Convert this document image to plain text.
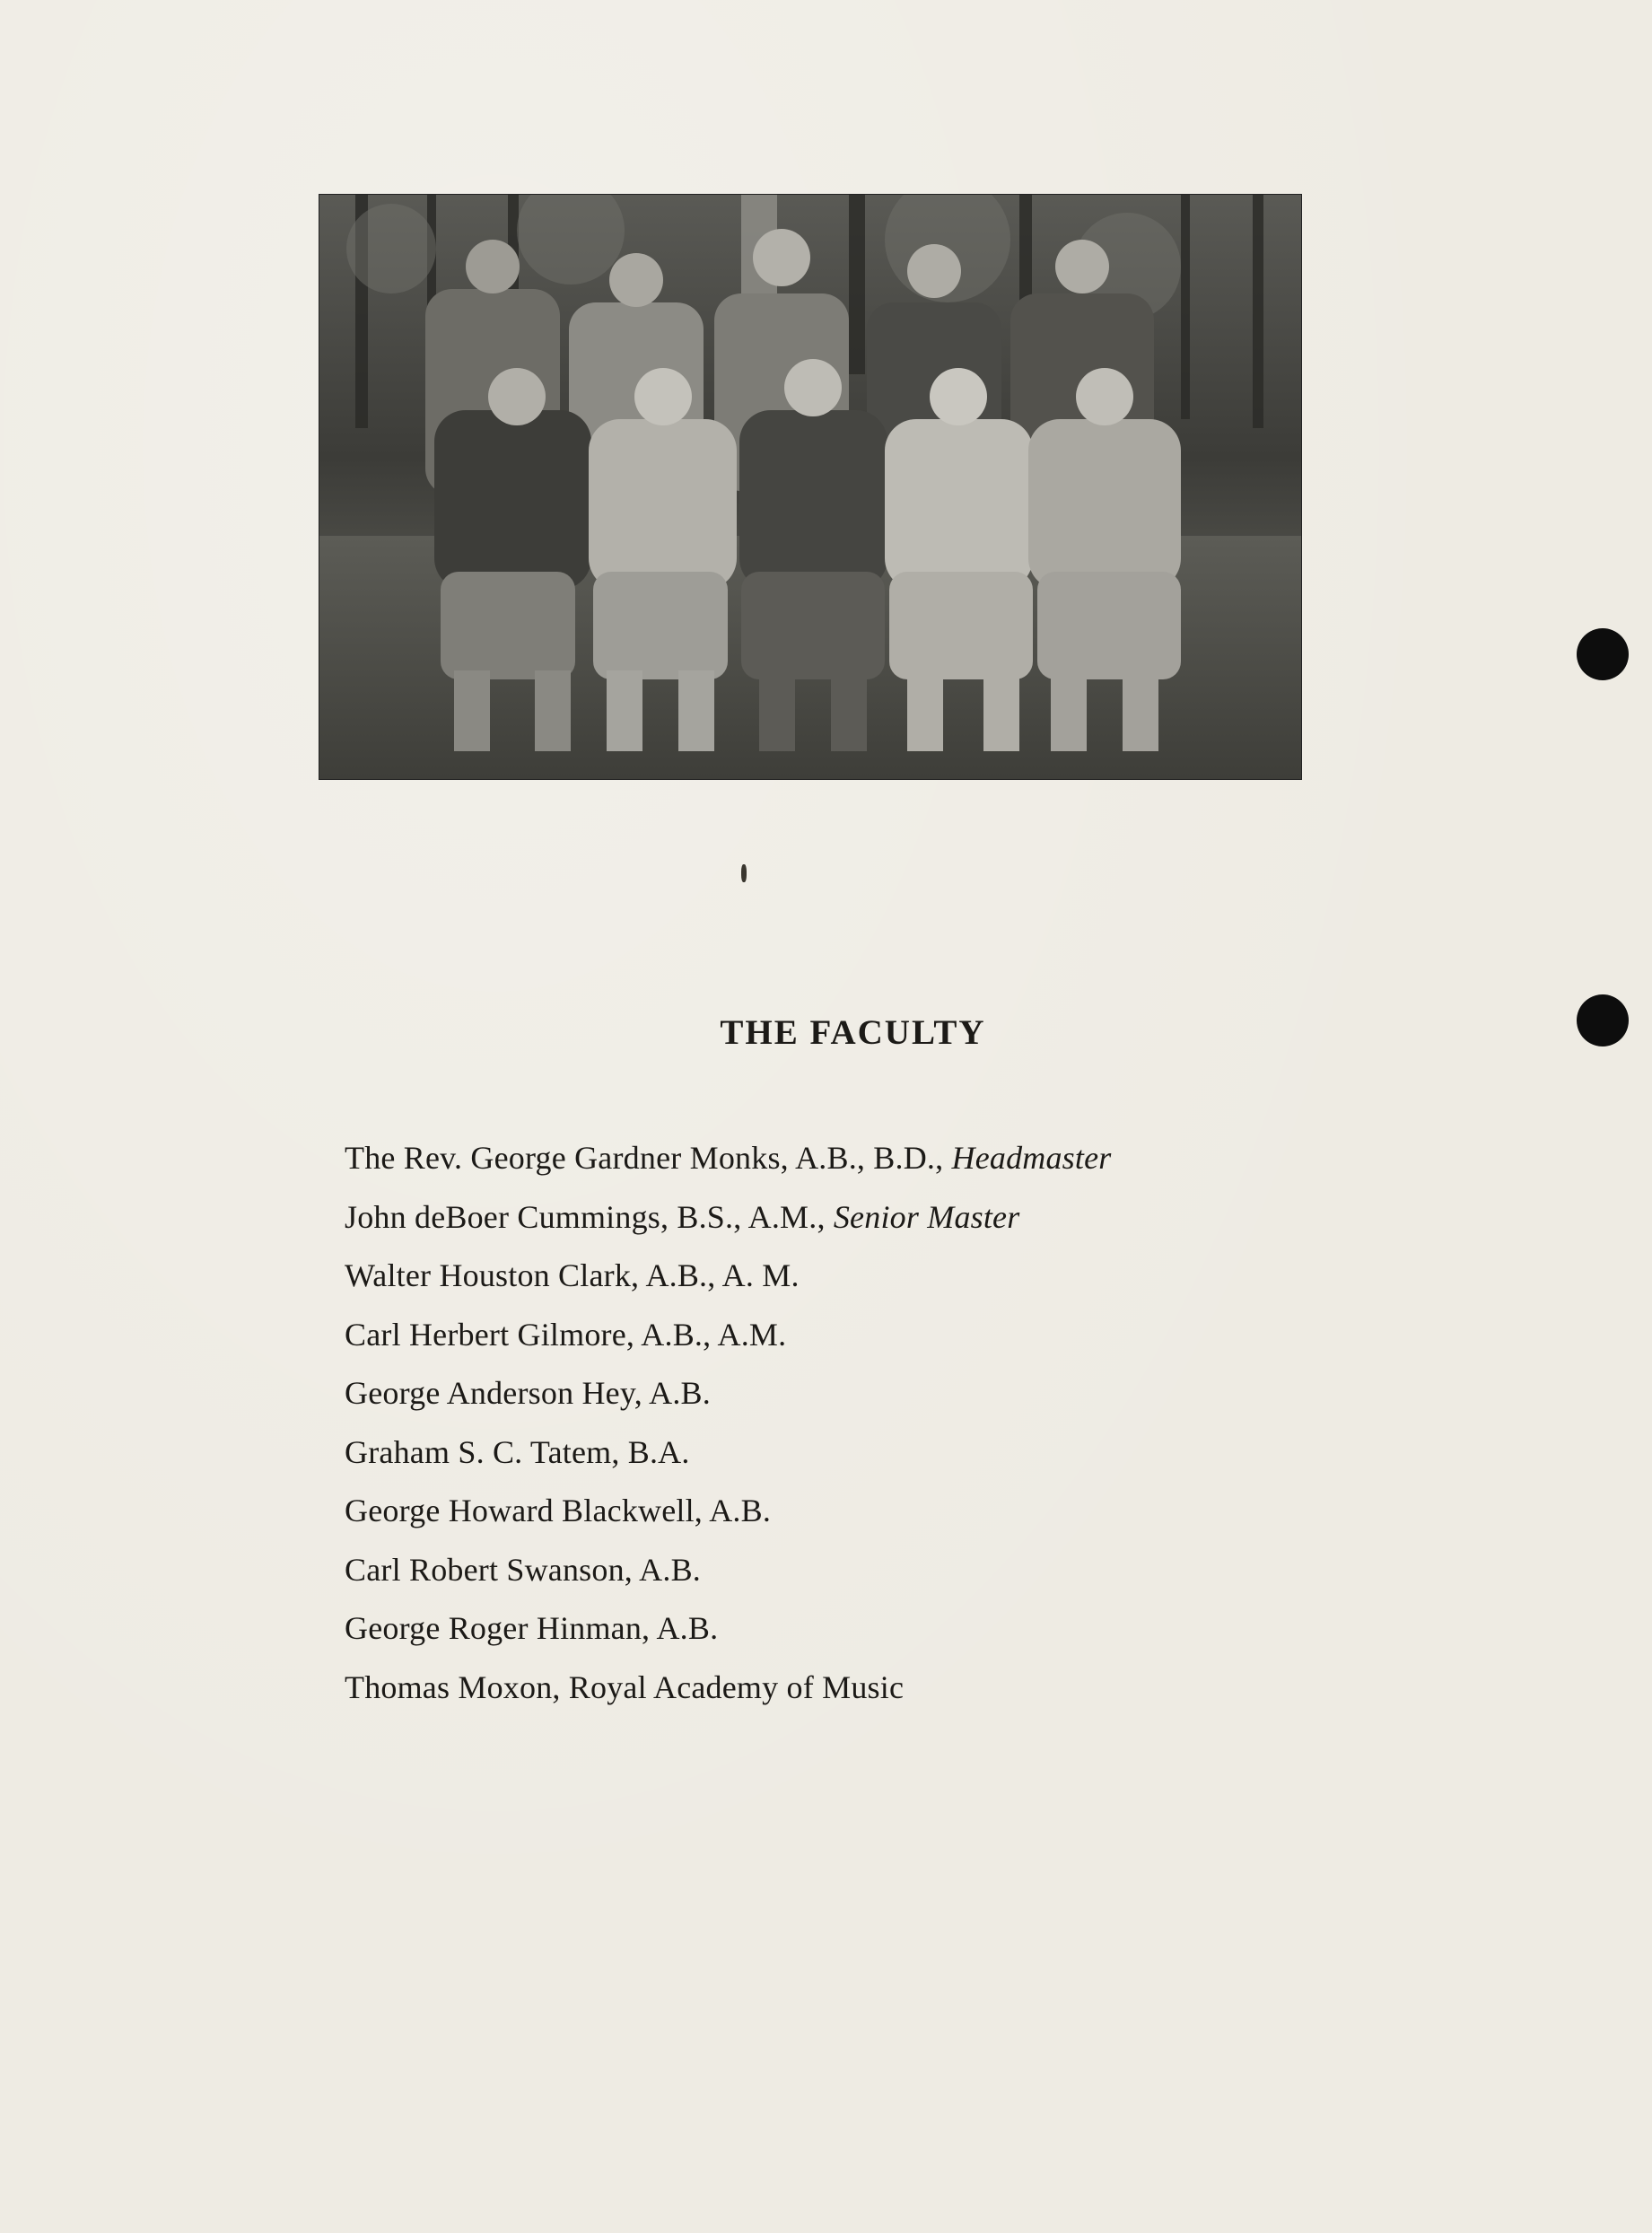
THE FACULTY
The Rev. George Gardner Monks, A.B., B.D., Headmaster
John deBoer Cummings, B.S., A.M., Senior Master
Walter Houston Clark, A.B., A. M.
Carl Herbert Gilmore, A.B., A.M.
George Anderson Hey, A.B.
Graham S. C. Tatem, B.A.
George Howard Blackwell, A.B.
Carl Robert Swanson, A.B.
George Roger Hinman, A.B.
Thomas Moxon, Royal Academy of Music
